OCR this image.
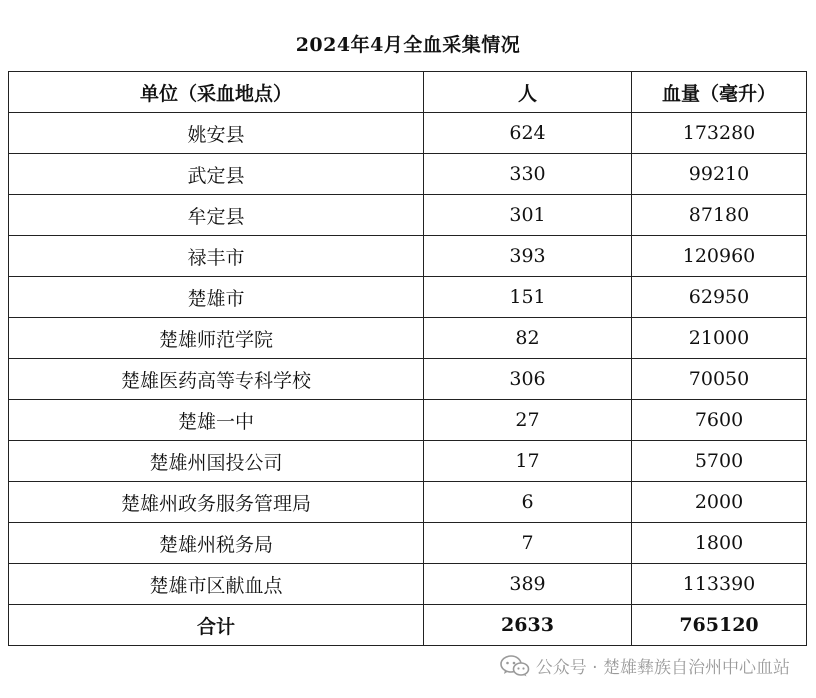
2024年4月全血采集情况
单位（采血地点）	人	血量（毫升）
姚安县	624	173280
武定县	330	99210
牟定县	301	87180
禄丰市	393	120960
楚雄市	151	62950
楚雄师范学院	82	21000
楚雄医药高等专科学校	306	70050
楚雄一中	27	7600
楚雄州国投公司	17	5700
楚雄州政务服务管理局	6	2000
楚雄州税务局	7	1800
楚雄市区献血点	389	113390
合计	2633	765120
公众号 · 楚雄彝族自治州中心血站
